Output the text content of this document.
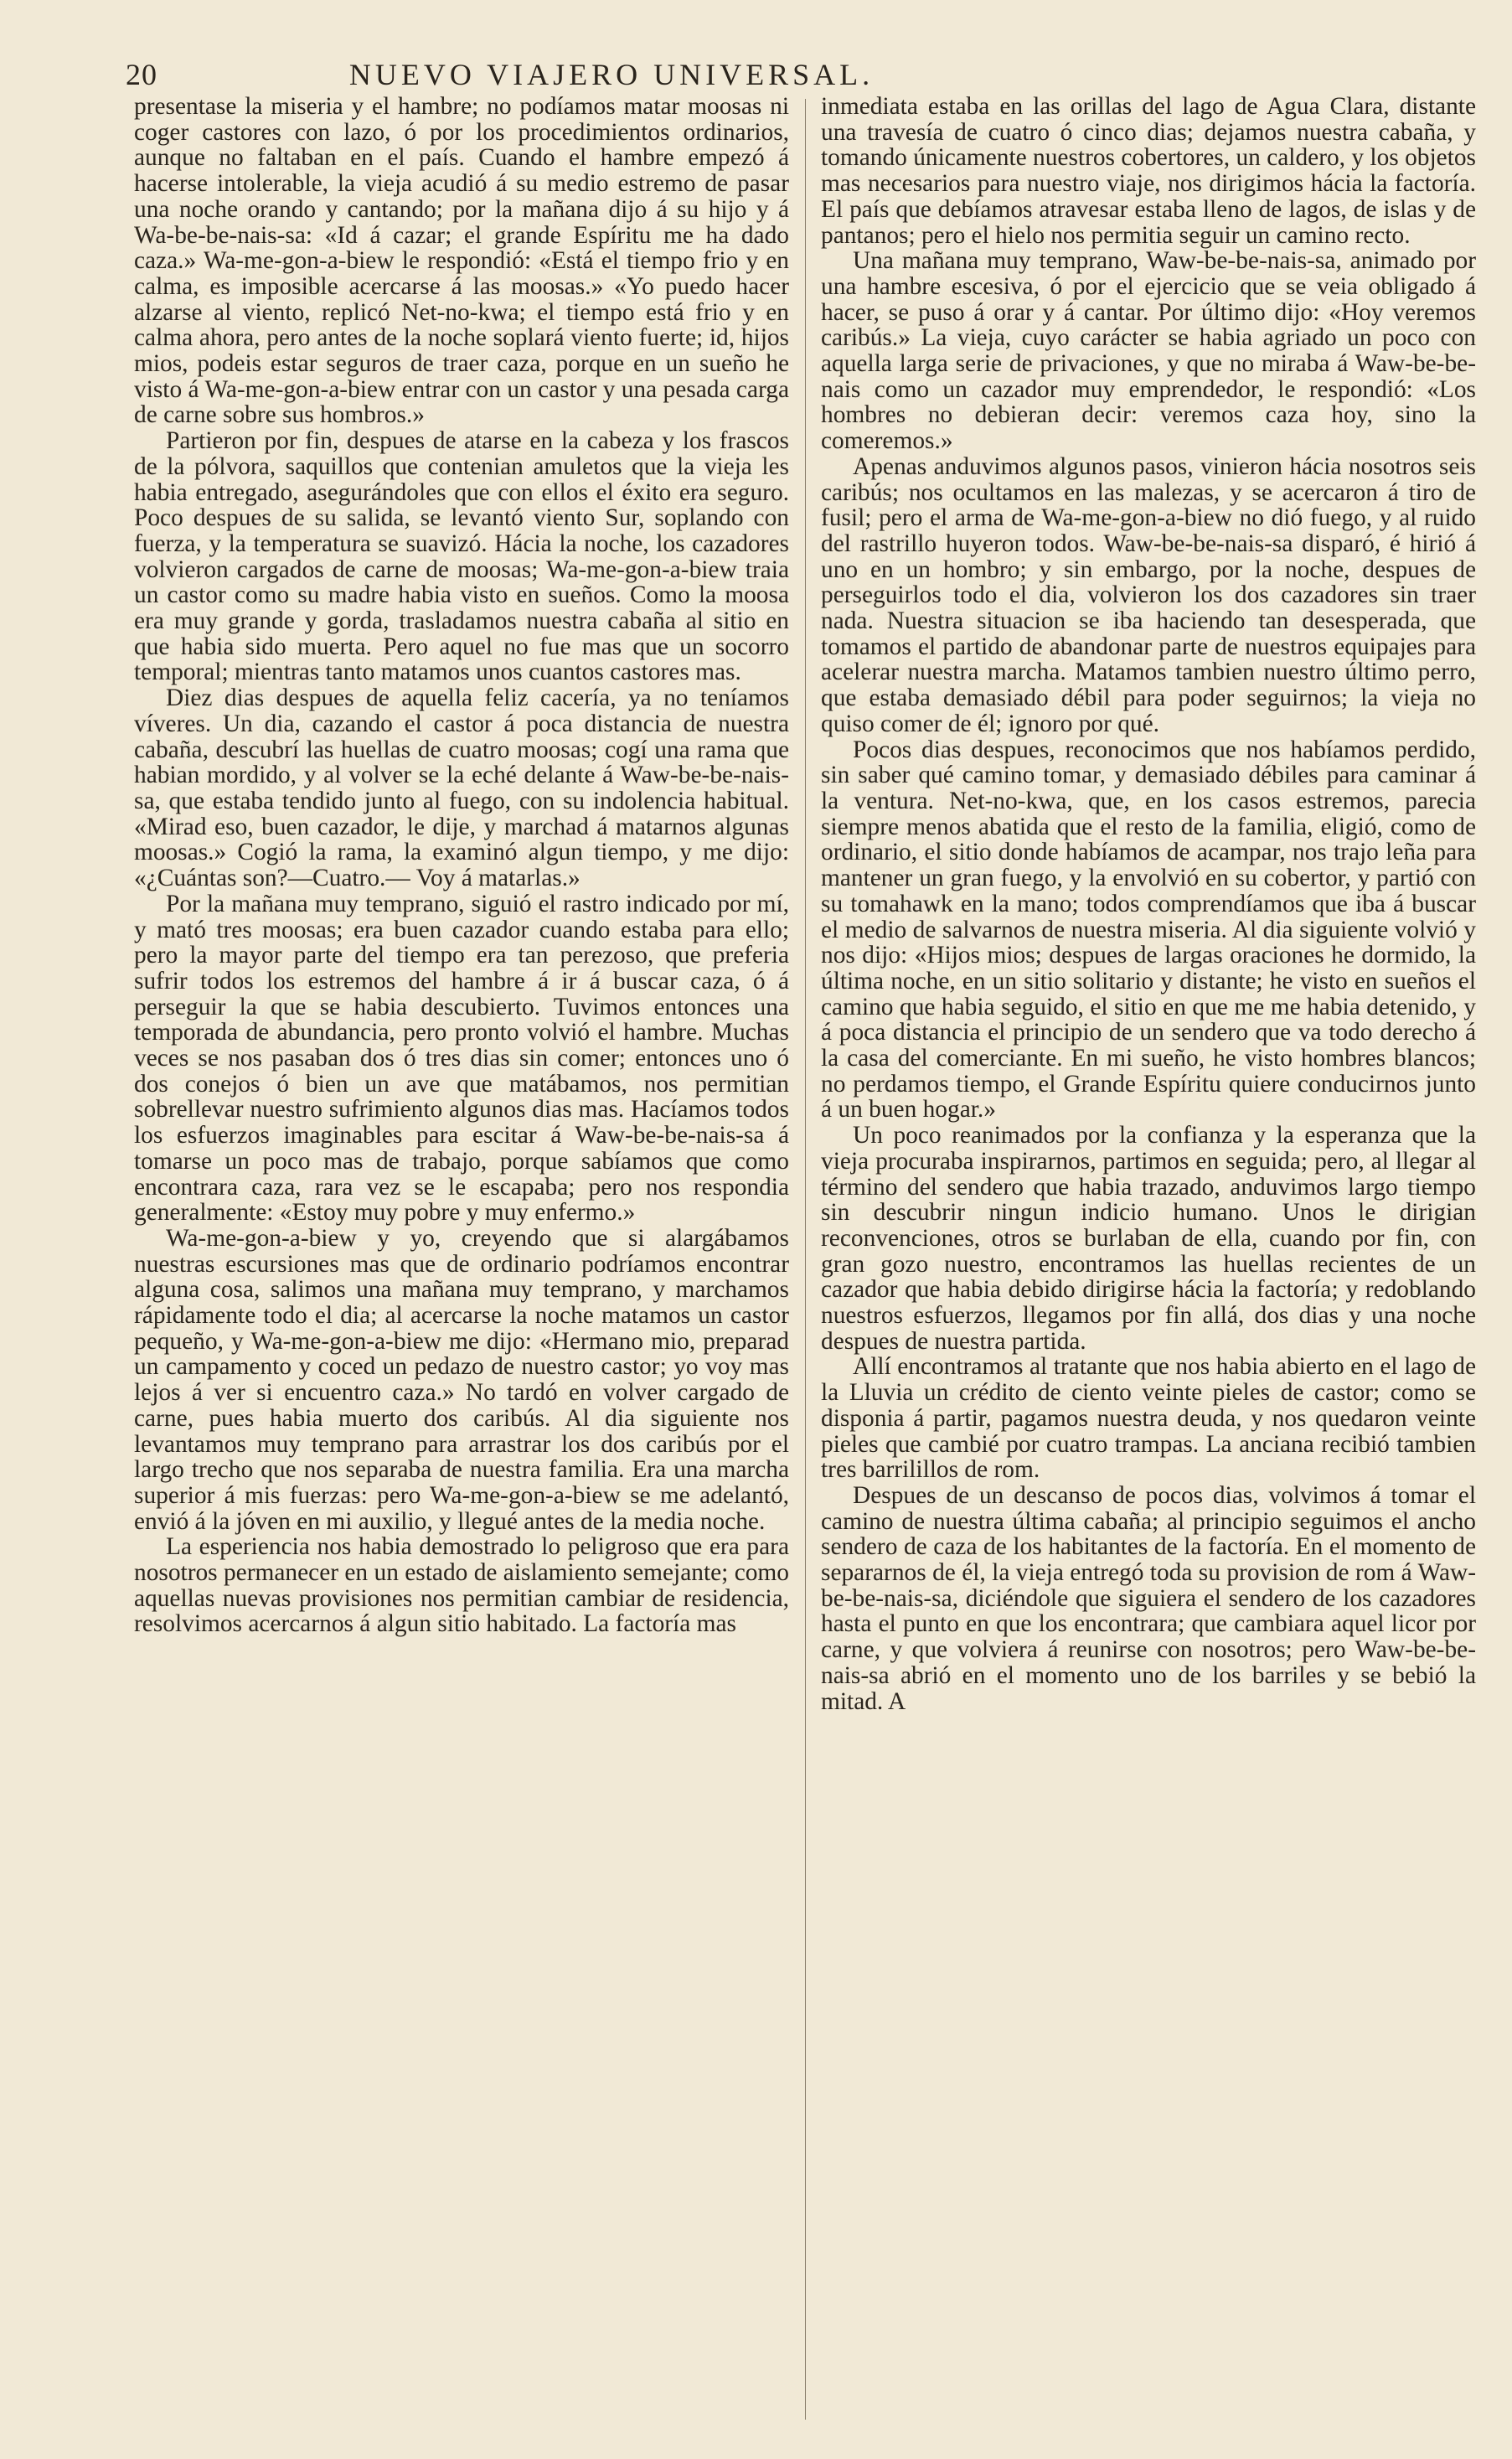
20	NUEVO VIAJERO UNIVERSAL.

presentase la miseria y el hambre; no podíamos matar moosas ni coger castores con lazo, ó por los procedimientos ordinarios, aunque no faltaban en el país. Cuando el hambre empezó á hacerse intolerable, la vieja acudió á su medio estremo de pasar una noche orando y cantando; por la mañana dijo á su hijo y á Wa-be-be-nais-sa: «Id á cazar; el grande Espíritu me ha dado caza.» Wa-me-gon-a-biew le respondió: «Está el tiempo frio y en calma, es imposible acercarse á las moosas.» «Yo puedo hacer alzarse al viento, replicó Net-no-kwa; el tiempo está frio y en calma ahora, pero antes de la noche soplará viento fuerte; id, hijos mios, podeis estar seguros de traer caza, porque en un sueño he visto á Wa-me-gon-a-biew entrar con un castor y una pesada carga de carne sobre sus hombros.»

Partieron por fin, despues de atarse en la cabeza y los frascos de la pólvora, saquillos que contenian amuletos que la vieja les habia entregado, asegurándoles que con ellos el éxito era seguro. Poco despues de su salida, se levantó viento Sur, soplando con fuerza, y la temperatura se suavizó. Hácia la noche, los cazadores volvieron cargados de carne de moosas; Wa-me-gon-a-biew traia un castor como su madre habia visto en sueños. Como la moosa era muy grande y gorda, trasladamos nuestra cabaña al sitio en que habia sido muerta. Pero aquel no fue mas que un socorro temporal; mientras tanto matamos unos cuantos castores mas.

Diez dias despues de aquella feliz cacería, ya no teníamos víveres. Un dia, cazando el castor á poca distancia de nuestra cabaña, descubrí las huellas de cuatro moosas; cogí una rama que habian mordido, y al volver se la eché delante á Waw-be-be-nais-sa, que estaba tendido junto al fuego, con su indolencia habitual. «Mirad eso, buen cazador, le dije, y marchad á matarnos algunas moosas.» Cogió la rama, la examinó algun tiempo, y me dijo: «¿Cuántas son?—Cuatro.— Voy á matarlas.»

Por la mañana muy temprano, siguió el rastro indicado por mí, y mató tres moosas; era buen cazador cuando estaba para ello; pero la mayor parte del tiempo era tan perezoso, que preferia sufrir todos los estremos del hambre á ir á buscar caza, ó á perseguir la que se habia descubierto. Tuvimos entonces una temporada de abundancia, pero pronto volvió el hambre. Muchas veces se nos pasaban dos ó tres dias sin comer; entonces uno ó dos conejos ó bien un ave que matábamos, nos permitian sobrellevar nuestro sufrimiento algunos dias mas. Hacíamos todos los esfuerzos imaginables para escitar á Waw-be-be-nais-sa á tomarse un poco mas de trabajo, porque sabíamos que como encontrara caza, rara vez se le escapaba; pero nos respondia generalmente: «Estoy muy pobre y muy enfermo.»

Wa-me-gon-a-biew y yo, creyendo que si alargábamos nuestras escursiones mas que de ordinario podríamos encontrar alguna cosa, salimos una mañana muy temprano, y marchamos rápidamente todo el dia; al acercarse la noche matamos un castor pequeño, y Wa-me-gon-a-biew me dijo: «Hermano mio, preparad un campamento y coced un pedazo de nuestro castor; yo voy mas lejos á ver si encuentro caza.» No tardó en volver cargado de carne, pues habia muerto dos caribús. Al dia siguiente nos levantamos muy temprano para arrastrar los dos caribús por el largo trecho que nos separaba de nuestra familia. Era una marcha superior á mis fuerzas: pero Wa-me-gon-a-biew se me adelantó, envió á la jóven en mi auxilio, y llegué antes de la media noche.

La esperiencia nos habia demostrado lo peligroso que era para nosotros permanecer en un estado de aislamiento semejante; como aquellas nuevas provisiones nos permitian cambiar de residencia, resolvimos acercarnos á algun sitio habitado. La factoría mas

inmediata estaba en las orillas del lago de Agua Clara, distante una travesía de cuatro ó cinco dias; dejamos nuestra cabaña, y tomando únicamente nuestros cobertores, un caldero, y los objetos mas necesarios para nuestro viaje, nos dirigimos hácia la factoría. El país que debíamos atravesar estaba lleno de lagos, de islas y de pantanos; pero el hielo nos permitia seguir un camino recto.

Una mañana muy temprano, Waw-be-be-nais-sa, animado por una hambre escesiva, ó por el ejercicio que se veia obligado á hacer, se puso á orar y á cantar. Por último dijo: «Hoy veremos caribús.» La vieja, cuyo carácter se habia agriado un poco con aquella larga serie de privaciones, y que no miraba á Waw-be-be-nais como un cazador muy emprendedor, le respondió: «Los hombres no debieran decir: veremos caza hoy, sino la comeremos.»

Apenas anduvimos algunos pasos, vinieron hácia nosotros seis caribús; nos ocultamos en las malezas, y se acercaron á tiro de fusil; pero el arma de Wa-me-gon-a-biew no dió fuego, y al ruido del rastrillo huyeron todos. Waw-be-be-nais-sa disparó, é hirió á uno en un hombro; y sin embargo, por la noche, despues de perseguirlos todo el dia, volvieron los dos cazadores sin traer nada. Nuestra situacion se iba haciendo tan desesperada, que tomamos el partido de abandonar parte de nuestros equipajes para acelerar nuestra marcha. Matamos tambien nuestro último perro, que estaba demasiado débil para poder seguirnos; la vieja no quiso comer de él; ignoro por qué.

Pocos dias despues, reconocimos que nos habíamos perdido, sin saber qué camino tomar, y demasiado débiles para caminar á la ventura. Net-no-kwa, que, en los casos estremos, parecia siempre menos abatida que el resto de la familia, eligió, como de ordinario, el sitio donde habíamos de acampar, nos trajo leña para mantener un gran fuego, y la envolvió en su cobertor, y partió con su tomahawk en la mano; todos comprendíamos que iba á buscar el medio de salvarnos de nuestra miseria. Al dia siguiente volvió y nos dijo: «Hijos mios; despues de largas oraciones he dormido, la última noche, en un sitio solitario y distante; he visto en sueños el camino que habia seguido, el sitio en que me me habia detenido, y á poca distancia el principio de un sendero que va todo derecho á la casa del comerciante. En mi sueño, he visto hombres blancos; no perdamos tiempo, el Grande Espíritu quiere conducirnos junto á un buen hogar.»

Un poco reanimados por la confianza y la esperanza que la vieja procuraba inspirarnos, partimos en seguida; pero, al llegar al término del sendero que habia trazado, anduvimos largo tiempo sin descubrir ningun indicio humano. Unos le dirigian reconvenciones, otros se burlaban de ella, cuando por fin, con gran gozo nuestro, encontramos las huellas recientes de un cazador que habia debido dirigirse hácia la factoría; y redoblando nuestros esfuerzos, llegamos por fin allá, dos dias y una noche despues de nuestra partida.

Allí encontramos al tratante que nos habia abierto en el lago de la Lluvia un crédito de ciento veinte pieles de castor; como se disponia á partir, pagamos nuestra deuda, y nos quedaron veinte pieles que cambié por cuatro trampas. La anciana recibió tambien tres barrilillos de rom.

Despues de un descanso de pocos dias, volvimos á tomar el camino de nuestra última cabaña; al principio seguimos el ancho sendero de caza de los habitantes de la factoría. En el momento de separarnos de él, la vieja entregó toda su provision de rom á Waw-be-be-nais-sa, diciéndole que siguiera el sendero de los cazadores hasta el punto en que los encontrara; que cambiara aquel licor por carne, y que volviera á reunirse con nosotros; pero Waw-be-be-nais-sa abrió en el momento uno de los barriles y se bebió la mitad. A
